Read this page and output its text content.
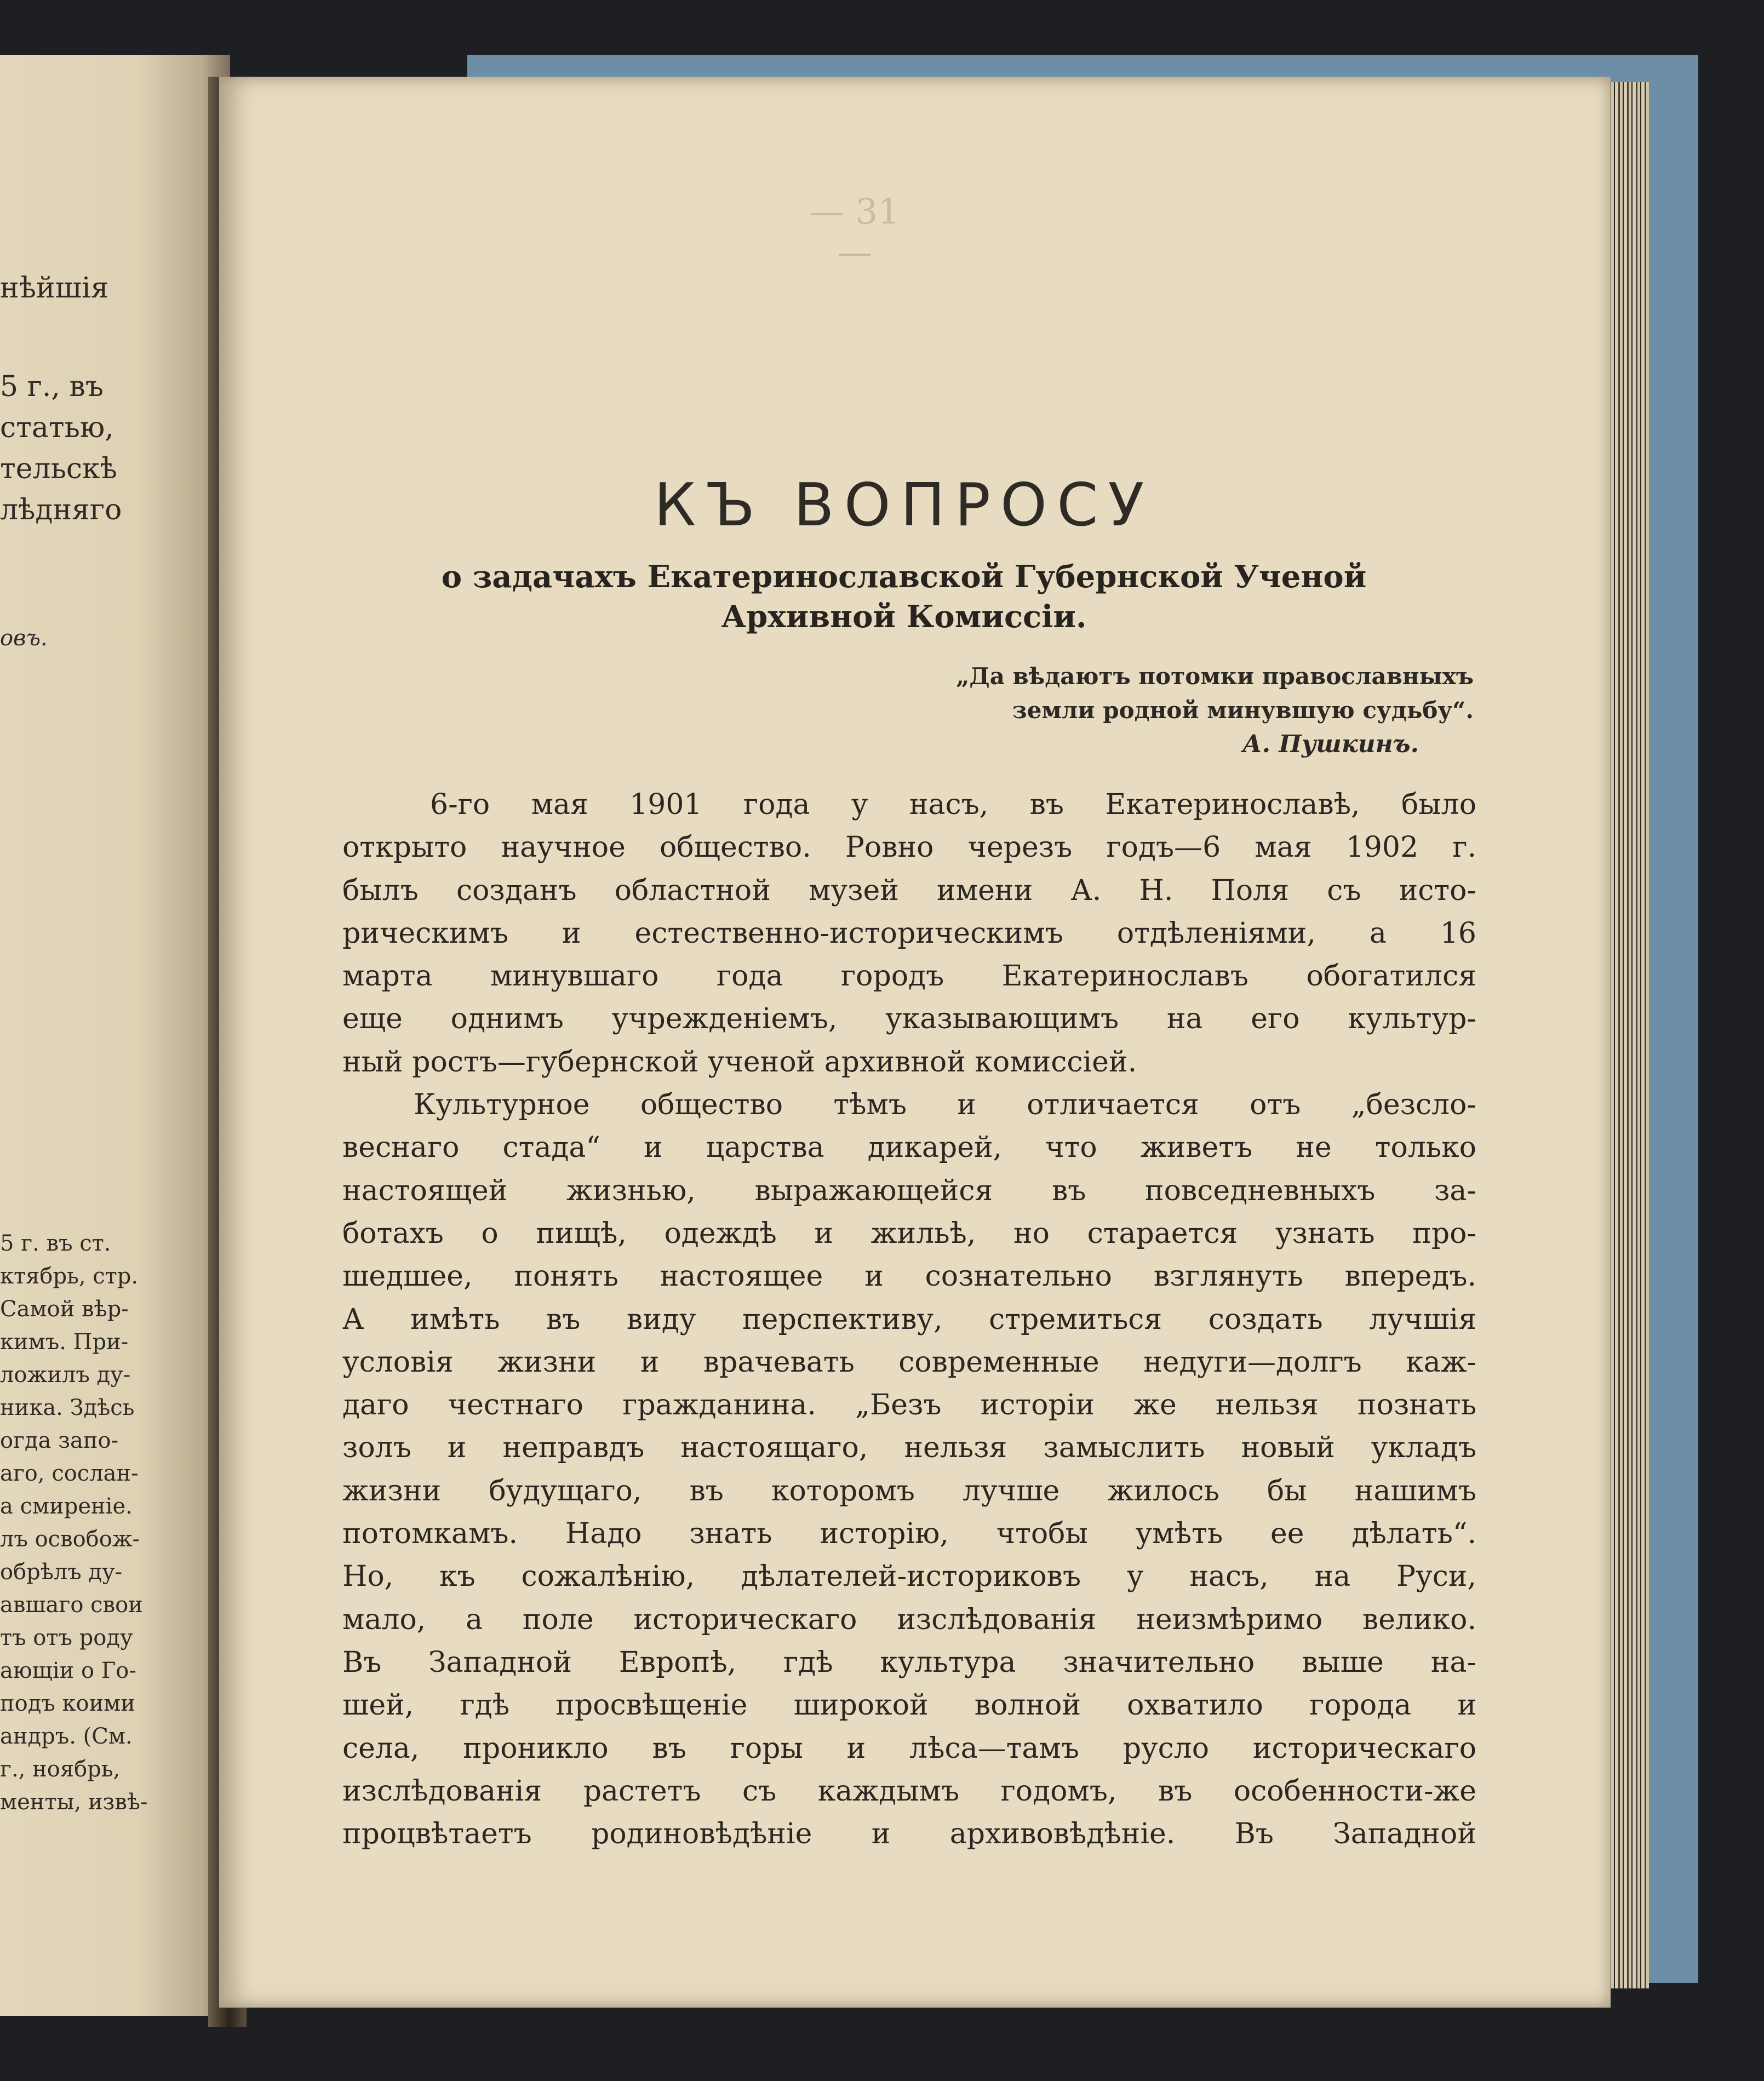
нѣйшія
5 г., въ
статью,
тельскѣ
лѣдняго
овъ.
5 г. въ ст.
ктябрь, стр.
Самой вѣр-
кимъ. При-
ложилъ ду-
ника. Здѣсь
огда запо-
аго, сослан-
а смиреніе.
лъ освобож-
обрѣлъ ду-
авшаго свои
тъ отъ роду
ающіи о Го-
подъ коими
андръ. (См.
г., ноябрь,
менты, извѣ-
— 31 —
КЪ ВОПРОСУ
о задачахъ Екатеринославской Губернской Ученой
Архивной Комиссіи.
„Да вѣдаютъ потомки православныхъ
земли родной минувшую судьбу“.
А. Пушкинъ.
6-го мая 1901 года у насъ, въ Екатеринославѣ, было
открыто научное общество. Ровно черезъ годъ—6 мая 1902 г.
былъ созданъ областной музей имени А. Н. Поля съ исто-
рическимъ и естественно-историческимъ отдѣленіями, а 16
марта минувшаго года городъ Екатеринославъ обогатился
еще однимъ учрежденіемъ, указывающимъ на его культур-
ный ростъ—губернской ученой архивной комиссіей.
Культурное общество тѣмъ и отличается отъ „безсло-
веснаго стада“ и царства дикарей, что живетъ не только
настоящей жизнью, выражающейся въ повседневныхъ за-
ботахъ о пищѣ, одеждѣ и жильѣ, но старается узнать про-
шедшее, понять настоящее и сознательно взглянуть впередъ.
А имѣть въ виду перспективу, стремиться создать лучшія
условія жизни и врачевать современные недуги—долгъ каж-
даго честнаго гражданина. „Безъ исторіи же нельзя познать
золъ и неправдъ настоящаго, нельзя замыслить новый укладъ
жизни будущаго, въ которомъ лучше жилось бы нашимъ
потомкамъ. Надо знать исторію, чтобы умѣть ее дѣлать“.
Но, къ сожалѣнію, дѣлателей-историковъ у насъ, на Руси,
мало, а поле историческаго изслѣдованія неизмѣримо велико.
Въ Западной Европѣ, гдѣ культура значительно выше на-
шей, гдѣ просвѣщеніе широкой волной охватило города и
села, проникло въ горы и лѣса—тамъ русло историческаго
изслѣдованія растетъ съ каждымъ годомъ, въ особенности-же
процвѣтаетъ родиновѣдѣніе и архивовѣдѣніе. Въ Западной
